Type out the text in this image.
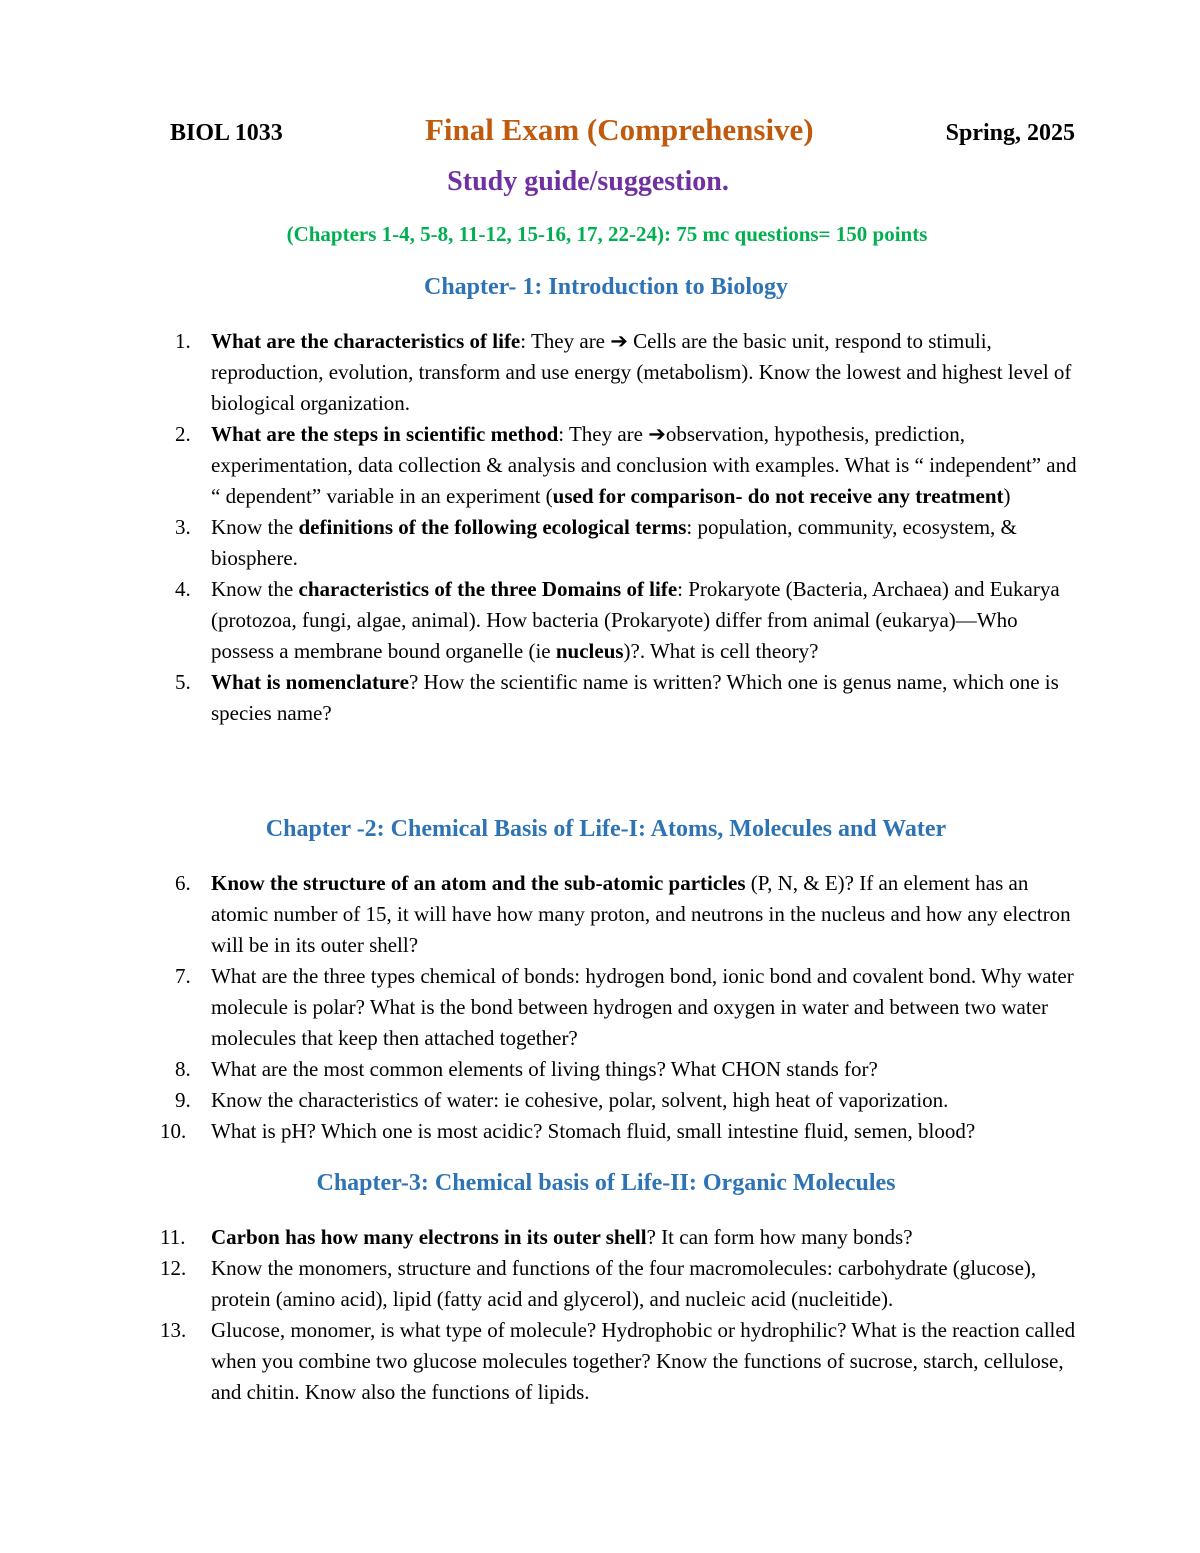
BIOL 1033	Final Exam (Comprehensive)	Spring, 2025
Study guide/suggestion.
(Chapters 1-4, 5-8, 11-12, 15-16, 17, 22-24): 75 mc questions= 150 points
Chapter- 1: Introduction to Biology
1. What are the characteristics of life: They are ➔ Cells are the basic unit, respond to stimuli, reproduction, evolution, transform and use energy (metabolism). Know the lowest and highest level of biological organization.
2. What are the steps in scientific method: They are ➔observation, hypothesis, prediction, experimentation, data collection & analysis and conclusion with examples. What is “ independent” and “ dependent” variable in an experiment (used for comparison- do not receive any treatment)
3. Know the definitions of the following ecological terms: population, community, ecosystem, & biosphere.
4. Know the characteristics of the three Domains of life: Prokaryote (Bacteria, Archaea) and Eukarya (protozoa, fungi, algae, animal). How bacteria (Prokaryote) differ from animal (eukarya)—Who possess a membrane bound organelle (ie nucleus)?. What is cell theory?
5. What is nomenclature? How the scientific name is written? Which one is genus name, which one is species name?
Chapter -2: Chemical Basis of Life-I: Atoms, Molecules and Water
6. Know the structure of an atom and the sub-atomic particles (P, N, & E)? If an element has an atomic number of 15, it will have how many proton, and neutrons in the nucleus and how any electron will be in its outer shell?
7. What are the three types chemical of bonds: hydrogen bond, ionic bond and covalent bond. Why water molecule is polar? What is the bond between hydrogen and oxygen in water and between two water molecules that keep then attached together?
8. What are the most common elements of living things? What CHON stands for?
9. Know the characteristics of water: ie cohesive, polar, solvent, high heat of vaporization.
10. What is pH? Which one is most acidic? Stomach fluid, small intestine fluid, semen, blood?
Chapter-3: Chemical basis of Life-II: Organic Molecules
11. Carbon has how many electrons in its outer shell? It can form how many bonds?
12. Know the monomers, structure and functions of the four macromolecules: carbohydrate (glucose), protein (amino acid), lipid (fatty acid and glycerol), and nucleic acid (nucleitide).
13. Glucose, monomer, is what type of molecule? Hydrophobic or hydrophilic? What is the reaction called when you combine two glucose molecules together? Know the functions of sucrose, starch, cellulose, and chitin. Know also the functions of lipids.
